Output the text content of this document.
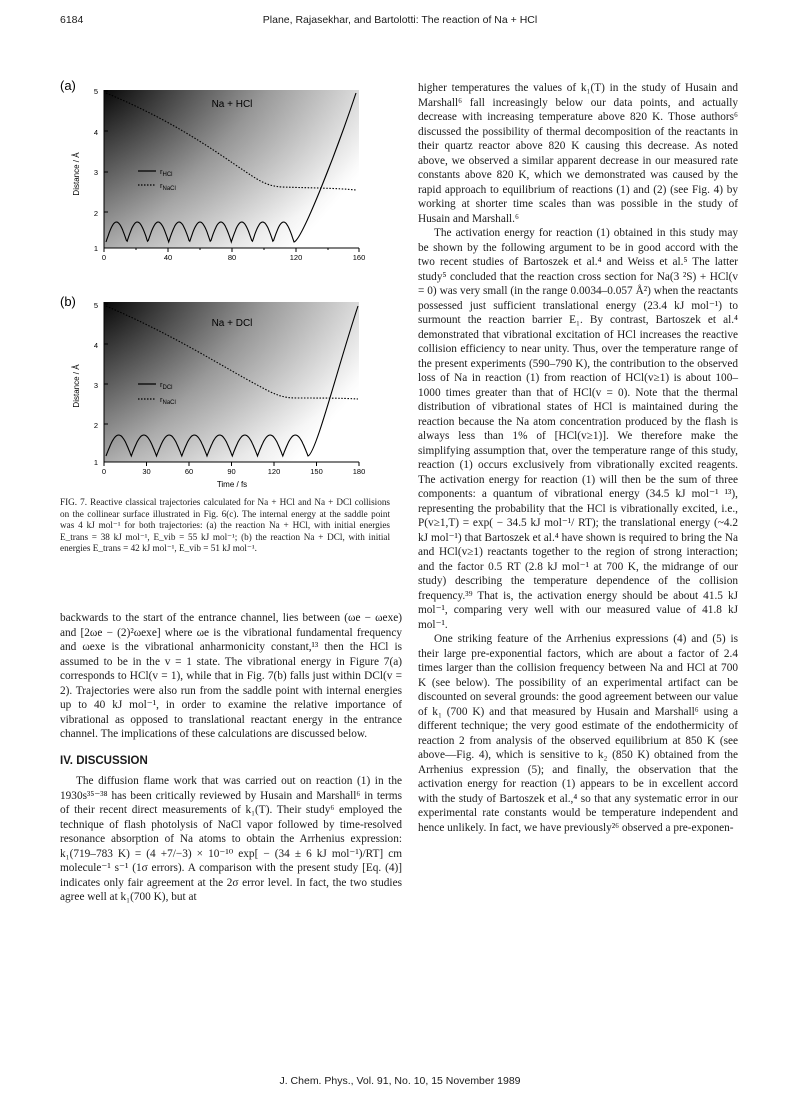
6184	Plane, Rajasekhar, and Bartolotti: The reaction of Na + HCl
(a)
1
2
3
4
5
0	40	80	120	160
Distance / Å
Na + HCl
$r_{HCl}$
$r_{NaCl}$
(b)
1
2
3
4
5
0	30	60	90	120	150	180
Time / fs
Distance / Å
Na + DCl
$r_{DCl}$
$r_{NaCl}$
FIG. 7. Reactive classical trajectories calculated for Na + HCl and Na + DCl collisions on the collinear surface illustrated in Fig. 6(c). The internal energy at the saddle point was 4 kJ mol⁻¹ for both trajectories: (a) the reaction Na + HCl, with initial energies E_trans = 38 kJ mol⁻¹, E_vib = 55 kJ mol⁻¹; (b) the reaction Na + DCl, with initial energies E_trans = 42 kJ mol⁻¹, E_vib = 51 kJ mol⁻¹.

backwards to the start of the entrance channel, lies between (ωe − ωexe) and [2ωe − (2)²ωexe] where ωe is the vibrational fundamental frequency and ωexe is the vibrational anharmonicity constant,¹³ then the HCl is assumed to be in the v = 1 state. The vibrational energy in Figure 7(a) corresponds to HCl(v = 1), while that in Fig. 7(b) falls just within DCl(v = 2). Trajectories were also run from the saddle point with internal energies up to 40 kJ mol⁻¹, in order to examine the relative importance of vibrational as opposed to translational reactant energy in the entrance channel. The implications of these calculations are discussed below.

IV. DISCUSSION

The diffusion flame work that was carried out on reaction (1) in the 1930s³⁵⁻³⁸ has been critically reviewed by Husain and Marshall⁶ in terms of their recent direct measurements of k₁(T). Their study⁶ employed the technique of flash photolysis of NaCl vapor followed by time-resolved resonance absorption of Na atoms to obtain the Arrhenius expression: k₁(719–783 K) = (4 +7/−3) × 10⁻¹⁰ exp[ − (34 ± 6 kJ mol⁻¹)/RT] cm molecule⁻¹ s⁻¹ (1σ errors). A comparison with the present study [Eq. (4)] indicates only fair agreement at the 2σ error level. In fact, the two studies agree well at k₁(700 K), but at

higher temperatures the values of k₁(T) in the study of Husain and Marshall⁶ fall increasingly below our data points, and actually decrease with increasing temperature above 820 K. Those authors⁶ discussed the possibility of thermal decomposition of the reactants in their quartz reactor above 820 K causing this decrease. As noted above, we observed a similar apparent decrease in our measured rate constants above 820 K, which we demonstrated was caused by the rapid approach to equilibrium of reactions (1) and (2) (see Fig. 4) by working at shorter time scales than was possible in the study of Husain and Marshall.⁶

The activation energy for reaction (1) obtained in this study may be shown by the following argument to be in good accord with the two recent studies of Bartoszek et al.⁴ and Weiss et al.⁵ The latter study⁵ concluded that the reaction cross section for Na(3 ²S) + HCl(v = 0) was very small (in the range 0.0034–0.057 Å²) when the reactants possessed just sufficient translational energy (23.4 kJ mol⁻¹) to surmount the reaction barrier E₁. By contrast, Bartoszek et al.⁴ demonstrated that vibrational excitation of HCl increases the reactive collision efficiency to near unity. Thus, over the temperature range of the present experiments (590–790 K), the contribution to the observed loss of Na in reaction (1) from reaction of HCl(v≥1) is about 100–1000 times greater than that of HCl(v = 0). Note that the thermal distribution of vibrational states of HCl is maintained during the reaction because the Na atom concentration produced by the flash is always less than 1% of [HCl(v≥1)]. We therefore make the simplifying assumption that, over the temperature range of this study, reaction (1) occurs exclusively from vibrationally excited reagents. The activation energy for reaction (1) will then be the sum of three components: a quantum of vibrational energy (34.5 kJ mol⁻¹ ¹³), representing the probability that the HCl is vibrationally excited, i.e., P(v≥1,T) = exp( − 34.5 kJ mol⁻¹/ RT); the translational energy (~4.2 kJ mol⁻¹) that Bartoszek et al.⁴ have shown is required to bring the Na and HCl(v≥1) reactants together to the region of strong interaction; and the factor 0.5 RT (2.8 kJ mol⁻¹ at 700 K, the midrange of our study) describing the temperature dependence of the collision frequency.³⁹ That is, the activation energy should be about 41.5 kJ mol⁻¹, comparing very well with our measured value of 41.8 kJ mol⁻¹.

One striking feature of the Arrhenius expressions (4) and (5) is their large pre-exponential factors, which are about a factor of 2.4 times larger than the collision frequency between Na and HCl at 700 K (see below). The possibility of an experimental artifact can be discounted on several grounds: the good agreement between our value of k₁ (700 K) and that measured by Husain and Marshall⁶ using a different technique; the very good estimate of the endothermicity of reaction 2 from analysis of the observed equilibrium at 850 K (see above—Fig. 4), which is sensitive to k₂ (850 K) obtained from the Arrhenius expression (5); and finally, the observation that the activation energy for reaction (1) appears to be in excellent accord with the study of Bartoszek et al.,⁴ so that any systematic error in our experimental rate constants would be temperature independent and hence unlikely. In fact, we have previously²⁶ observed a pre-exponen-

J. Chem. Phys., Vol. 91, No. 10, 15 November 1989
